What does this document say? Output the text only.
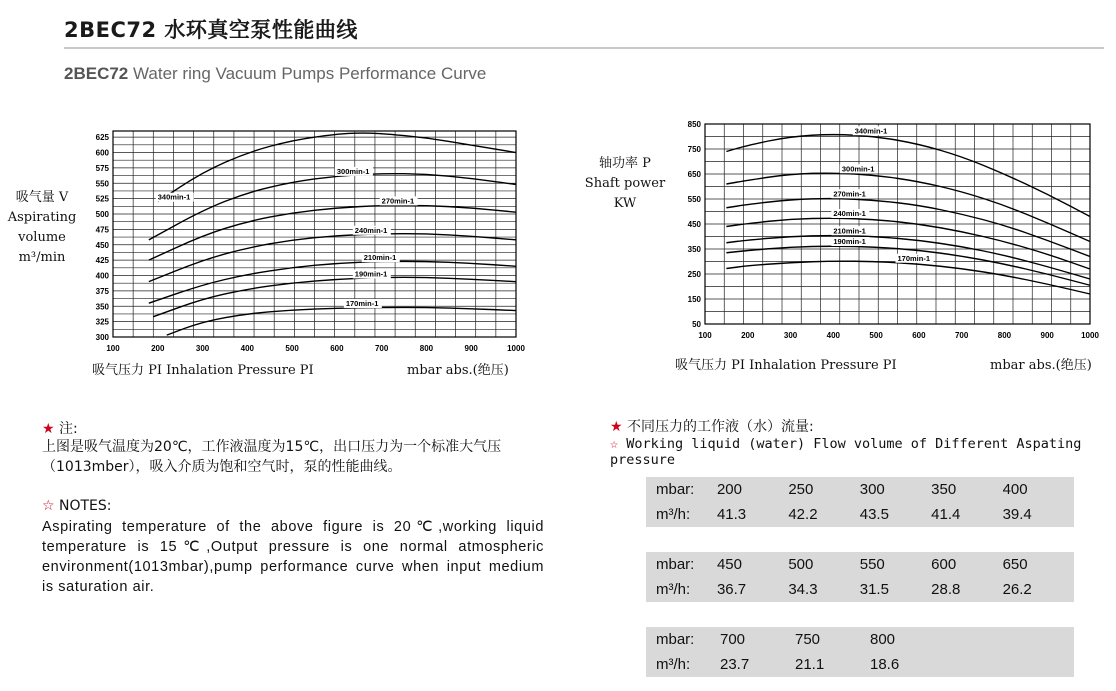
2BEC72 水环真空泵性能曲线
2BEC72 Water ring Vacuum Pumps Performance Curve
100	200	300	400	500	600	700	800	900	1000
300
325
350
375
400
425
450
475
500
525
550
575
600
625
340min-1
300min-1
270min-1
240min-1
210min-1
190min-1
170min-1
100	200	300	400	500	600	700	800	900	1000
50
150
250
350
450
550
650
750
850
340min-1
300min-1
270min-1
240min-1
210min-1
190min-1
170min-1
吸气量 V
Aspirating
volume
m³/min
吸气压力 PI Inhalation Pressure PI	mbar abs.(绝压)
轴功率 P
Shaft power
KW
吸气压力 PI Inhalation Pressure PI	mbar abs.(绝压)
★ 注:
上图是吸气温度为20℃，工作液温度为15℃，出口压力为一个标准大气压（1013mber），吸入介质为饱和空气时，泵的性能曲线。
☆ NOTES:
Aspirating temperature of the above figure is 20℃,working liquid temperature is 15℃,Output pressure is one normal atmospheric environment(1013mbar),pump performance curve when input medium is saturation air.
★ 不同压力的工作液（水）流量:
☆ Working liquid (water) Flow volume of Different Aspating pressure
mbar:	200	250	300	350	400
m³/h:	41.3	42.2	43.5	41.4	39.4
mbar:	450	500	550	600	650
m³/h:	36.7	34.3	31.5	28.8	26.2
mbar:	700	750	800
m³/h:	23.7	21.1	18.6
